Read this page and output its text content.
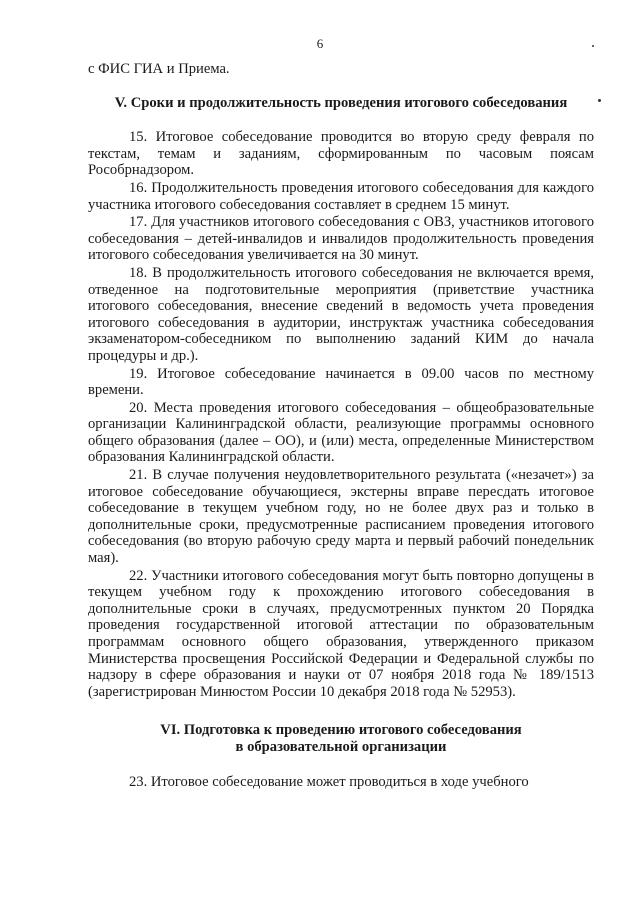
6

с ФИС ГИА и Приема.

V. Сроки и продолжительность проведения итогового собеседования

15. Итоговое собеседование проводится во вторую среду февраля по текстам, темам и заданиям, сформированным по часовым поясам Рособрнадзором.

16. Продолжительность проведения итогового собеседования для каждого участника итогового собеседования составляет в среднем 15 минут.

17. Для участников итогового собеседования с ОВЗ, участников итогового собеседования – детей-инвалидов и инвалидов продолжительность проведения итогового собеседования увеличивается на 30 минут.

18. В продолжительность итогового собеседования не включается время, отведенное на подготовительные мероприятия (приветствие участника итогового собеседования, внесение сведений в ведомость учета проведения итогового собеседования в аудитории, инструктаж участника собеседования экзаменатором-собеседником по выполнению заданий КИМ до начала процедуры и др.).

19. Итоговое собеседование начинается в 09.00 часов по местному времени.

20. Места проведения итогового собеседования – общеобразовательные организации Калининградской области, реализующие программы основного общего образования (далее – ОО), и (или) места, определенные Министерством образования Калининградской области.

21. В случае получения неудовлетворительного результата («незачет») за итоговое собеседование обучающиеся, экстерны вправе пересдать итоговое собеседование в текущем учебном году, но не более двух раз и только в дополнительные сроки, предусмотренные расписанием проведения итогового собеседования (во вторую рабочую среду марта и первый рабочий понедельник мая).

22. Участники итогового собеседования могут быть повторно допущены в текущем учебном году к прохождению итогового собеседования в дополнительные сроки в случаях, предусмотренных пунктом 20 Порядка проведения государственной итоговой аттестации по образовательным программам основного общего образования, утвержденного приказом Министерства просвещения Российской Федерации и Федеральной службы по надзору в сфере образования и науки от 07 ноября 2018 года № 189/1513 (зарегистрирован Минюстом России 10 декабря 2018 года № 52953).

VI. Подготовка к проведению итогового собеседования

в образовательной организации

23. Итоговое собеседование может проводиться в ходе учебного
